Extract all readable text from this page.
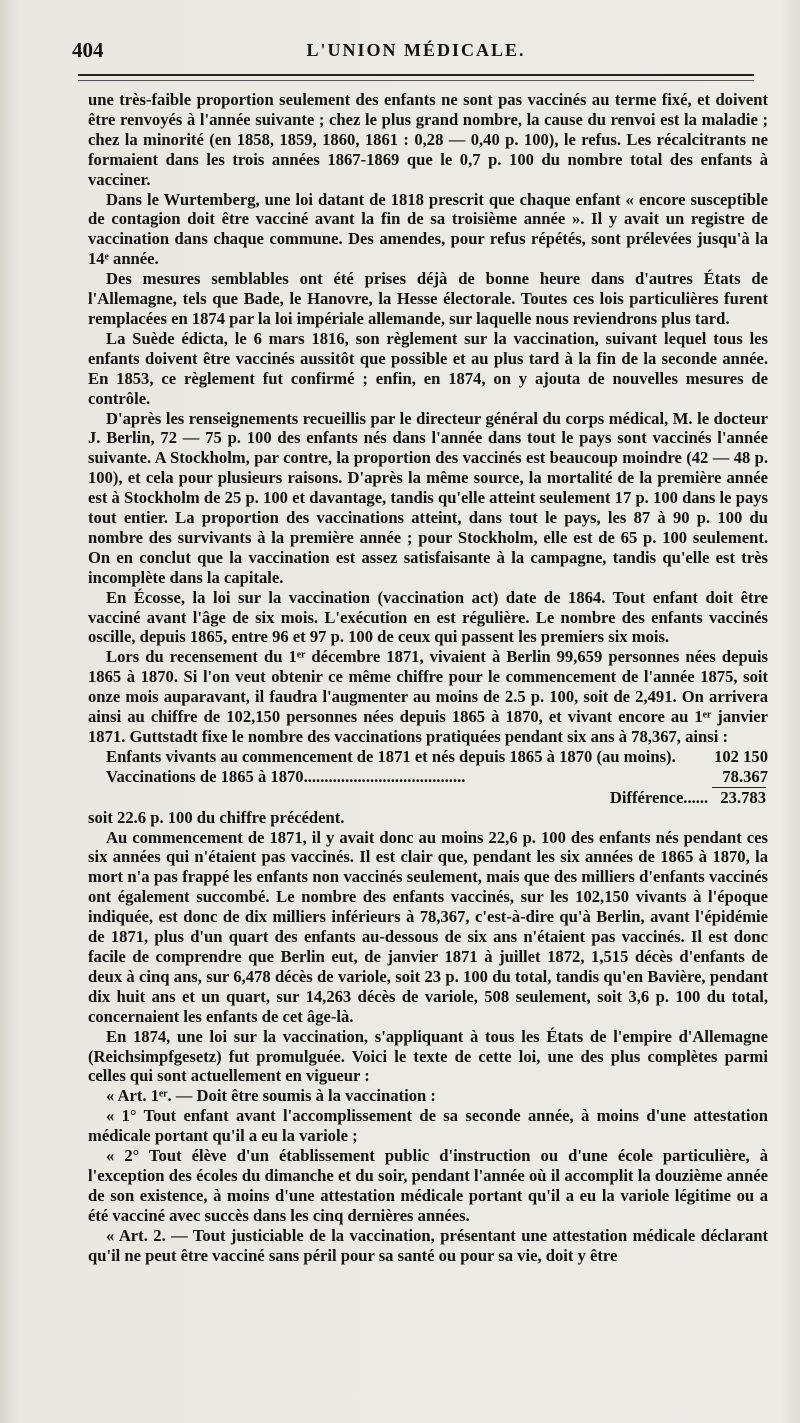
404	L'UNION MÉDICALE.

une très-faible proportion seulement des enfants ne sont pas vaccinés au terme fixé, et doivent être renvoyés à l'année suivante ; chez le plus grand nombre, la cause du renvoi est la maladie ; chez la minorité (en 1858, 1859, 1860, 1861 : 0,28 — 0,40 p. 100), le refus. Les récalcitrants ne formaient dans les trois années 1867-1869 que le 0,7 p. 100 du nombre total des enfants à vacciner.

Dans le Wurtemberg, une loi datant de 1818 prescrit que chaque enfant « encore susceptible de contagion doit être vacciné avant la fin de sa troisième année ». Il y avait un registre de vaccination dans chaque commune. Des amendes, pour refus répétés, sont prélevées jusqu'à la 14ᵉ année.

Des mesures semblables ont été prises déjà de bonne heure dans d'autres États de l'Allemagne, tels que Bade, le Hanovre, la Hesse électorale. Toutes ces lois particulières furent remplacées en 1874 par la loi impériale allemande, sur laquelle nous reviendrons plus tard.

La Suède édicta, le 6 mars 1816, son règlement sur la vaccination, suivant lequel tous les enfants doivent être vaccinés aussitôt que possible et au plus tard à la fin de la seconde année. En 1853, ce règlement fut confirmé ; enfin, en 1874, on y ajouta de nouvelles mesures de contrôle.

D'après les renseignements recueillis par le directeur général du corps médical, M. le docteur J. Berlin, 72 — 75 p. 100 des enfants nés dans l'année dans tout le pays sont vaccinés l'année suivante. A Stockholm, par contre, la proportion des vaccinés est beaucoup moindre (42 — 48 p. 100), et cela pour plusieurs raisons. D'après la même source, la mortalité de la première année est à Stockholm de 25 p. 100 et davantage, tandis qu'elle atteint seulement 17 p. 100 dans le pays tout entier. La proportion des vaccinations atteint, dans tout le pays, les 87 à 90 p. 100 du nombre des survivants à la première année ; pour Stockholm, elle est de 65 p. 100 seulement. On en conclut que la vaccination est assez satisfaisante à la campagne, tandis qu'elle est très incomplète dans la capitale.

En Écosse, la loi sur la vaccination (vaccination act) date de 1864. Tout enfant doit être vacciné avant l'âge de six mois. L'exécution en est régulière. Le nombre des enfants vaccinés oscille, depuis 1865, entre 96 et 97 p. 100 de ceux qui passent les premiers six mois.

Lors du recensement du 1ᵉʳ décembre 1871, vivaient à Berlin 99,659 personnes nées depuis 1865 à 1870. Si l'on veut obtenir ce même chiffre pour le commencement de l'année 1875, soit onze mois auparavant, il faudra l'augmenter au moins de 2.5 p. 100, soit de 2,491. On arrivera ainsi au chiffre de 102,150 personnes nées depuis 1865 à 1870, et vivant encore au 1ᵉʳ janvier 1871. Guttstadt fixe le nombre des vaccinations pratiquées pendant six ans à 78,367, ainsi :

Enfants vivants au commencement de 1871 et nés depuis 1865 à 1870 (au moins). 102 150
Vaccinations de 1865 à 1870.......................................	78.367
Différence...... 23.783

soit 22.6 p. 100 du chiffre précédent.

Au commencement de 1871, il y avait donc au moins 22,6 p. 100 des enfants nés pendant ces six années qui n'étaient pas vaccinés. Il est clair que, pendant les six années de 1865 à 1870, la mort n'a pas frappé les enfants non vaccinés seulement, mais que des milliers d'enfants vaccinés ont également succombé. Le nombre des enfants vaccinés, sur les 102,150 vivants à l'époque indiquée, est donc de dix milliers inférieurs à 78,367, c'est-à-dire qu'à Berlin, avant l'épidémie de 1871, plus d'un quart des enfants au-dessous de six ans n'étaient pas vaccinés. Il est donc facile de comprendre que Berlin eut, de janvier 1871 à juillet 1872, 1,515 décès d'enfants de deux à cinq ans, sur 6,478 décès de variole, soit 23 p. 100 du total, tandis qu'en Bavière, pendant dix huit ans et un quart, sur 14,263 décès de variole, 508 seulement, soit 3,6 p. 100 du total, concernaient les enfants de cet âge-là.

En 1874, une loi sur la vaccination, s'appliquant à tous les États de l'empire d'Allemagne (Reichsimpfgesetz) fut promulguée. Voici le texte de cette loi, une des plus complètes parmi celles qui sont actuellement en vigueur :

« Art. 1ᵉʳ. — Doit être soumis à la vaccination :

« 1° Tout enfant avant l'accomplissement de sa seconde année, à moins d'une attestation médicale portant qu'il a eu la variole ;

« 2° Tout élève d'un établissement public d'instruction ou d'une école particulière, à l'exception des écoles du dimanche et du soir, pendant l'année où il accomplit la douzième année de son existence, à moins d'une attestation médicale portant qu'il a eu la variole légitime ou a été vacciné avec succès dans les cinq dernières années.

« Art. 2. — Tout justiciable de la vaccination, présentant une attestation médicale déclarant qu'il ne peut être vacciné sans péril pour sa santé ou pour sa vie, doit y être
